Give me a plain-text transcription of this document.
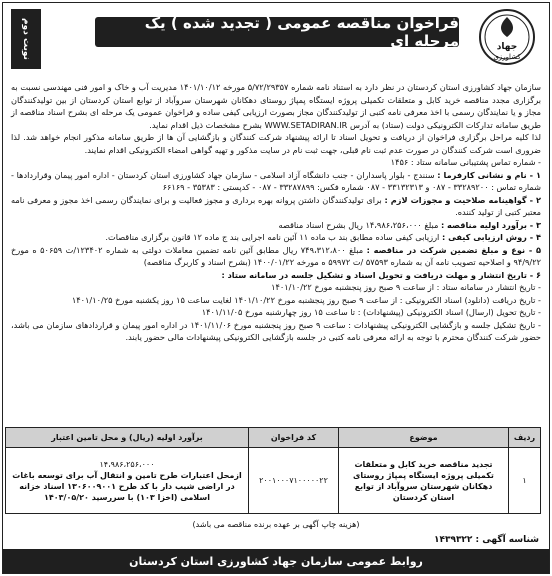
جهاد
کشاورزی
فراخوان مناقصه عمومی ( تجدید شده ) یک مرحله ای
نوبت دوم

سازمان جهاد کشاورزی استان کردستان در نظر دارد به استناد نامه شماره ۵/۷۲/۲۹۳۵۷ مورخه ۱۴۰۱/۱۰/۱۲ مدیریت آب و خاک و امور فنی مهندسی نسبت به برگزاری مجدد مناقصه خرید کابل و متعلقات تکمیلی پروژه ایستگاه پمپاژ روستای دهکانان شهرستان سروآباد از توابع استان کردستان از بین تولیدکنندگان مجاز و یا نمایندگان رسمی با اخذ معرفی نامه کتبی از تولیدکنندگان مجاز بصورت ارزیابی کیفی ساده و فراخوان عمومی یک مرحله ای بشرح اسناد مناقصه از طریق سامانه تدارکات الکترونیکی دولت (ستاد) به آدرس WWW.SETADIRAN.IR بشرح مشخصات ذیل اقدام نماید.

لذا کلیه مراحل برگزاری فراخوان از دریافت و تحویل اسناد تا ارائه پیشنهاد شرکت کنندگان و بازگشایی آن ها از طریق سامانه مذکور انجام خواهد شد. لذا ضروری است شرکت کنندگان در صورت عدم ثبت نام قبلی، جهت ثبت نام در سایت مذکور و تهیه گواهی امضاء الکترونیکی اقدام نمایند.

- شماره تماس پشتیبانی سامانه ستاد : ۱۴۵۶

۱ - نام و نشانی کارفرما : سنندج - بلوار پاسداران - جنب دانشگاه آزاد اسلامی - سازمان جهاد کشاورزی استان کردستان - اداره امور پیمان وقراردادها - شماره تماس : ۳۳۲۸۹۲۰۰ - ۰۸۷ و ۳۳۱۳۲۳۱۳ - ۰۸۷ شماره فکس: ۳۳۲۸۷۸۹۹ - ۰۸۷ - کدپستی : ۳۵۳۸۳ - ۶۶۱۶۹

۲ - گواهینامه صلاحیت و مجوزات لازم : برای تولیدکنندگان داشتن پروانه بهره برداری و مجوز فعالیت و برای نمایندگان رسمی اخذ مجوز و معرفی نامه معتبر کتبی از تولید کننده.

۳ - برآورد اولیه مناقصه : مبلغ ۱۴،۹۸۶،۲۵۶،۰۰۰ ریال بشرح اسناد مناقصه

۴ - روش ارزیابی کیفی : ارزیابی کیفی ساده مطابق بند ب ماده ۱۱ آئین نامه اجرایی بند ج ماده ۱۲ قانون برگزاری مناقصات.

۵ - نوع و مبلغ تضمین شرکت در مناقصه : مبلغ ۷۴۹،۳۱۲،۸۰۰ ریال مطابق آئین نامه تضمین معاملات دولتی به شماره ۱۲۳۴۰۲/ت ۵۰۶۵۹ ه مورخ ۹۴/۹/۲۲ و اصلاحیه تصویب نامه آن به شماره ۵۷۵۹۳ /ت ۵۹۹۷۲ ه مورخه ۱۴۰۰/۰۱/۲۲ (بشرح اسناد و کاربرگ مناقصه)

۶ - تاریخ انتشار و مهلت دریافت و تحویل اسناد و تشکیل جلسه در سامانه ستاد :

- تاریخ انتشار در سامانه ستاد : از ساعت ۹ صبح روز پنجشنبه مورخ ۱۴۰۱/۱۰/۲۲

- تاریخ دریافت (دانلود) اسناد الکترونیکی : از ساعت ۹ صبح روز پنجشنبه مورخ ۱۴۰۱/۱۰/۲۲ لغایت ساعت ۱۵ روز یکشنبه مورخ ۱۴۰۱/۱۰/۲۵

- تاریخ تحویل (ارسال) اسناد الکترونیکی (پیشنهادات) : تا ساعت ۱۵ روز چهارشنبه مورخ ۱۴۰۱/۱۱/۰۵

- تاریخ تشکیل جلسه و بازگشایی الکترونیکی پیشنهادات : ساعت ۹ صبح روز پنجشنبه مورخ ۱۴۰۱/۱۱/۰۶ در اداره امور پیمان و قراردادهای سازمان می باشد، حضور شرکت کنندگان محترم با توجه به ارائه معرفی نامه کتبی در جلسه بازگشایی الکترونیکی پیشنهادات مالی حضور یابند.

ردیف	موضوع	کد فراخوان	برآورد اولیه (ریال) و محل تامین اعتبار
۱	تجدید مناقصه خرید کابل و متعلقات تکمیلی پروژه ایستگاه پمپاژ روستای دهکانان شهرستان سروآباد از توابع استان کردستان	۲۰۰۱۰۰۰۷۱۰۰۰۰۰۲۲	۱۴،۹۸۶،۲۵۶،۰۰۰
ازمحل اعتبارات طرح تامین و انتقال آب برای توسعه باغات در اراضی شیب دار با کد طرح ۱۳۰۶۰۰۹۰۰۱ اسناد خزانه اسلامی (اخزا ۱۰۳) با سررسید ۱۴۰۳/۰۵/۲۰
(هزینه چاپ آگهی بر عهده برنده مناقصه می باشد)
شناسه آگهی : ۱۴۳۹۳۲۲
روابط عمومی سازمان جهاد کشاورزی استان کردستان
